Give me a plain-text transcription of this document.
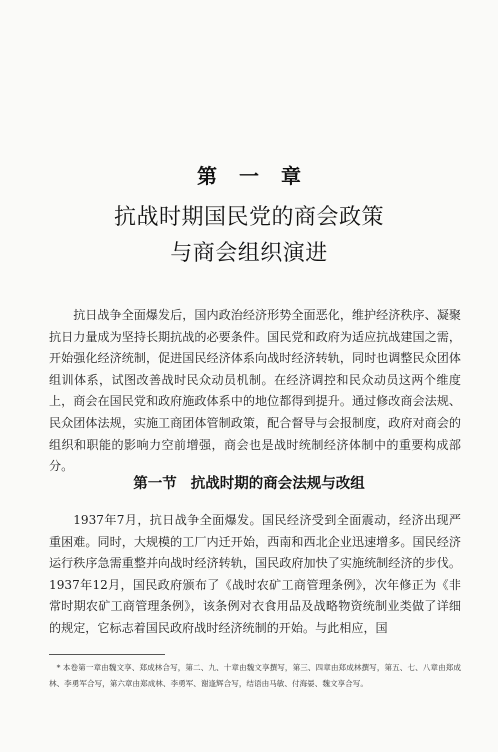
第一章
抗战时期国民党的商会政策
与商会组织演进

抗日战争全面爆发后，国内政治经济形势全面恶化，维护经济秩序、凝聚抗日力量成为坚持长期抗战的必要条件。国民党和政府为适应抗战建国之需，开始强化经济统制，促进国民经济体系向战时经济转轨，同时也调整民众团体组训体系，试图改善战时民众动员机制。在经济调控和民众动员这两个维度上，商会在国民党和政府施政体系中的地位都得到提升。通过修改商会法规、民众团体法规，实施工商团体管制政策，配合督导与会报制度，政府对商会的组织和职能的影响力空前增强，商会也是战时统制经济体制中的重要构成部分。

第一节 抗战时期的商会法规与改组

1937年7月，抗日战争全面爆发。国民经济受到全面震动，经济出现严重困难。同时，大规模的工厂内迁开始，西南和西北企业迅速增多。国民经济运行秩序急需重整并向战时经济转轨，国民政府加快了实施统制经济的步伐。1937年12月，国民政府颁布了《战时农矿工商管理条例》，次年修正为《非常时期农矿工商管理条例》，该条例对衣食用品及战略物资统制业类做了详细的规定，它标志着国民政府战时经济统制的开始。与此相应，国

* 本卷第一章由魏文享、郑成林合写，第二、九、十章由魏文享撰写，第三、四章由郑成林撰写，第五、七、八章由郑成林、李勇军合写，第六章由郑成林、李勇军、谢逢辉合写，结语由马敏、付海晏、魏文享合写。
